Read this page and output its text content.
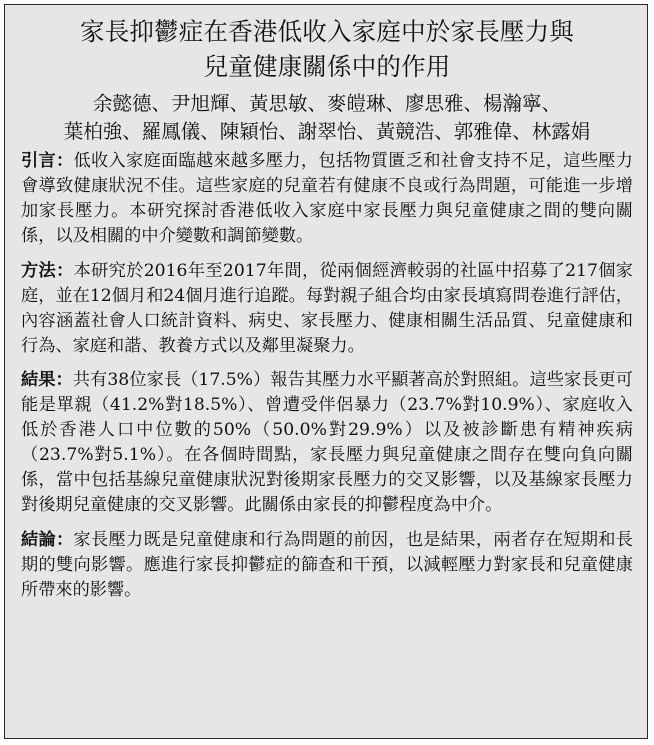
家長抑鬱症在香港低收入家庭中於家長壓力與
兒童健康關係中的作用
余懿德、尹旭輝、黃思敏、麥皚琳、廖思雅、楊瀚寧、
葉柏強、羅鳳儀、陳穎怡、謝翠怡、黃競浩、郭雅偉、林露娟

引言：低收入家庭面臨越來越多壓力，包括物質匱乏和社會支持不足，這些壓力會導致健康狀況不佳。這些家庭的兒童若有健康不良或行為問題，可能進一步增加家長壓力。本研究探討香港低收入家庭中家長壓力與兒童健康之間的雙向關係，以及相關的中介變數和調節變數。

方法：本研究於2016年至2017年間，從兩個經濟較弱的社區中招募了217個家庭，並在12個月和24個月進行追蹤。每對親子組合均由家長填寫問卷進行評估，內容涵蓋社會人口統計資料、病史、家長壓力、健康相關生活品質、兒童健康和行為、家庭和諧、教養方式以及鄰里凝聚力。

結果：共有38位家長（17.5%）報告其壓力水平顯著高於對照組。這些家長更可能是單親（41.2%對18.5%）、曾遭受伴侶暴力（23.7%對10.9%）、家庭收入低於香港人口中位數的50%（50.0%對29.9%）以及被診斷患有精神疾病（23.7%對5.1%）。在各個時間點，家長壓力與兒童健康之間存在雙向負向關係，當中包括基線兒童健康狀況對後期家長壓力的交叉影響，以及基線家長壓力對後期兒童健康的交叉影響。此關係由家長的抑鬱程度為中介。

結論：家長壓力既是兒童健康和行為問題的前因，也是結果，兩者存在短期和長期的雙向影響。應進行家長抑鬱症的篩查和干預，以減輕壓力對家長和兒童健康所帶來的影響。
